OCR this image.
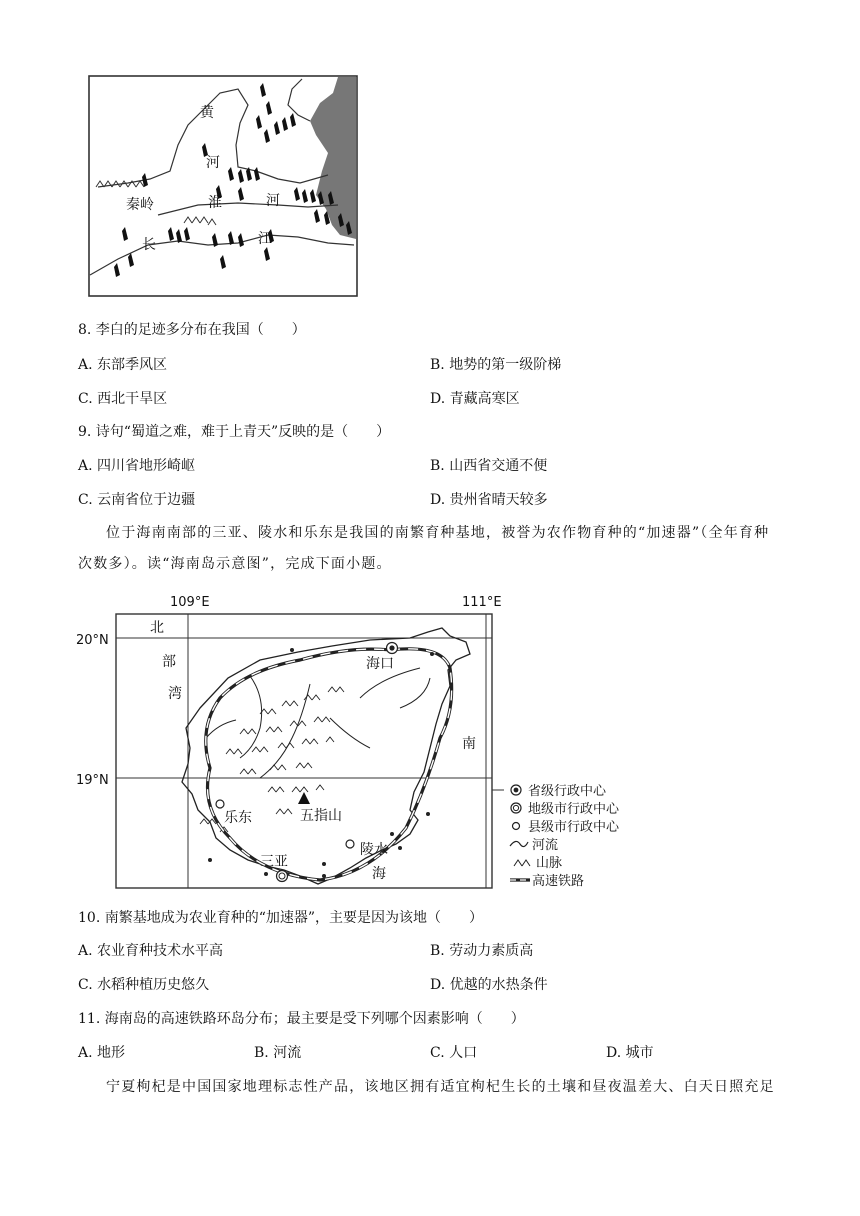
黄
河
秦岭	淮	河
长	江
8. 李白的足迹多分布在我国（　　）
A. 东部季风区	B. 地势的第一级阶梯
C. 西北干旱区	D. 青藏高寒区
9. 诗句“蜀道之难，难于上青天”反映的是（　　）
A. 四川省地形崎岖	B. 山西省交通不便
C. 云南省位于边疆	D. 贵州省晴天较多
位于海南南部的三亚、陵水和乐东是我国的南繁育种基地，被誉为农作物育种的“加速器”（全年育种次数多）。读“海南岛示意图”，完成下面小题。
109°E	111°E
20°N
19°N
北
部
湾
南
海
海口
乐东	五指山
三亚
陵水
省级行政中心
地级市行政中心
县级市行政中心
河流
山脉
高速铁路
10. 南繁基地成为农业育种的“加速器”，主要是因为该地（　　）
A. 农业育种技术水平高	B. 劳动力素质高
C. 水稻种植历史悠久	D. 优越的水热条件
11. 海南岛的高速铁路环岛分布；最主要是受下列哪个因素影响（　　）
A. 地形	B. 河流	C. 人口	D. 城市
宁夏枸杞是中国国家地理标志性产品，该地区拥有适宜枸杞生长的土壤和昼夜温差大、白天日照充足
